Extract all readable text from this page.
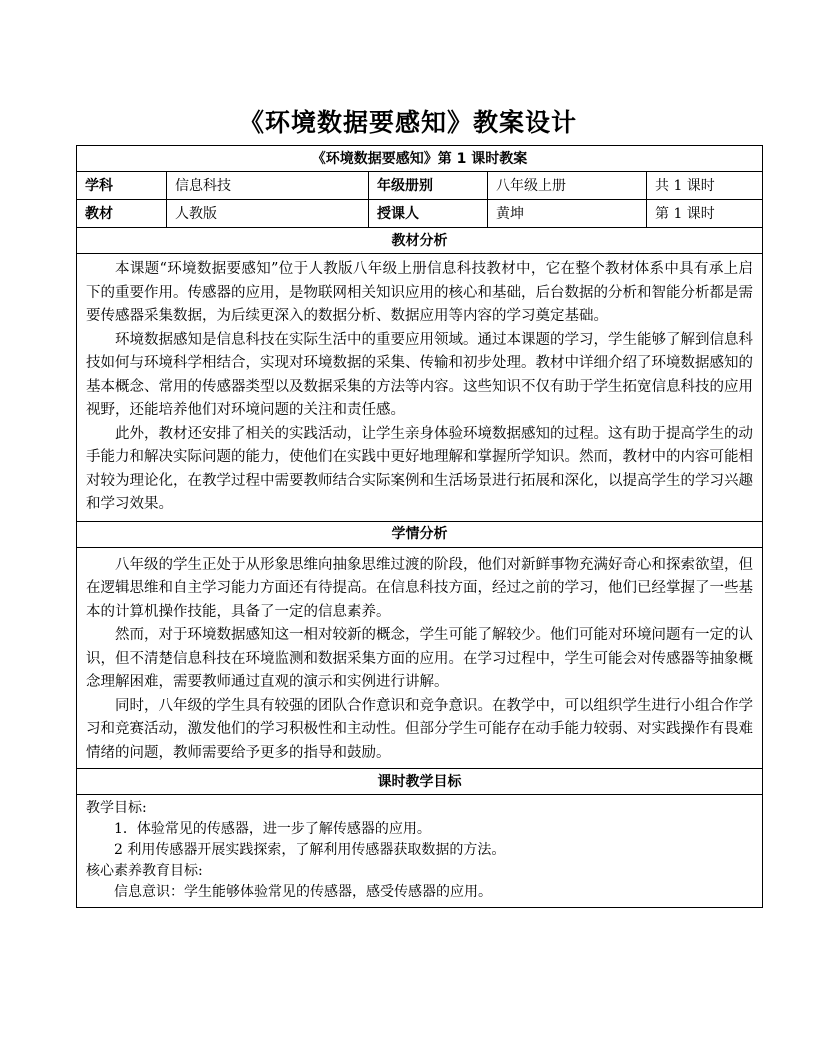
《环境数据要感知》教案设计
《环境数据要感知》第 1 课时教案				
学科	信息科技	年级册别	八年级上册	共 1 课时
教材	人教版	授课人	黄坤	第 1 课时
教材分析				

本课题“环境数据要感知”位于人教版八年级上册信息科技教材中，它在整个教材体系中具有承上启下的重要作用。传感器的应用，是物联网相关知识应用的核心和基础，后台数据的分析和智能分析都是需要传感器采集数据，为后续更深入的数据分析、数据应用等内容的学习奠定基础。

环境数据感知是信息科技在实际生活中的重要应用领域。通过本课题的学习，学生能够了解到信息科技如何与环境科学相结合，实现对环境数据的采集、传输和初步处理。教材中详细介绍了环境数据感知的基本概念、常用的传感器类型以及数据采集的方法等内容。这些知识不仅有助于学生拓宽信息科技的应用视野，还能培养他们对环境问题的关注和责任感。

此外，教材还安排了相关的实践活动，让学生亲身体验环境数据感知的过程。这有助于提高学生的动手能力和解决实际问题的能力，使他们在实践中更好地理解和掌握所学知识。然而，教材中的内容可能相对较为理论化，在教学过程中需要教师结合实际案例和生活场景进行拓展和深化，以提高学生的学习兴趣和学习效果。				

学情分析				

八年级的学生正处于从形象思维向抽象思维过渡的阶段，他们对新鲜事物充满好奇心和探索欲望，但在逻辑思维和自主学习能力方面还有待提高。在信息科技方面，经过之前的学习，他们已经掌握了一些基本的计算机操作技能，具备了一定的信息素养。

然而，对于环境数据感知这一相对较新的概念，学生可能了解较少。他们可能对环境问题有一定的认识，但不清楚信息科技在环境监测和数据采集方面的应用。在学习过程中，学生可能会对传感器等抽象概念理解困难，需要教师通过直观的演示和实例进行讲解。

同时，八年级的学生具有较强的团队合作意识和竞争意识。在教学中，可以组织学生进行小组合作学习和竞赛活动，激发他们的学习积极性和主动性。但部分学生可能存在动手能力较弱、对实践操作有畏难情绪的问题，教师需要给予更多的指导和鼓励。				

课时教学目标				

教学目标:
1．体验常见的传感器，进一步了解传感器的应用。
2 利用传感器开展实践探索，了解利用传感器获取数据的方法。
核心素养教育目标:
信息意识：学生能够体验常见的传感器，感受传感器的应用。				
